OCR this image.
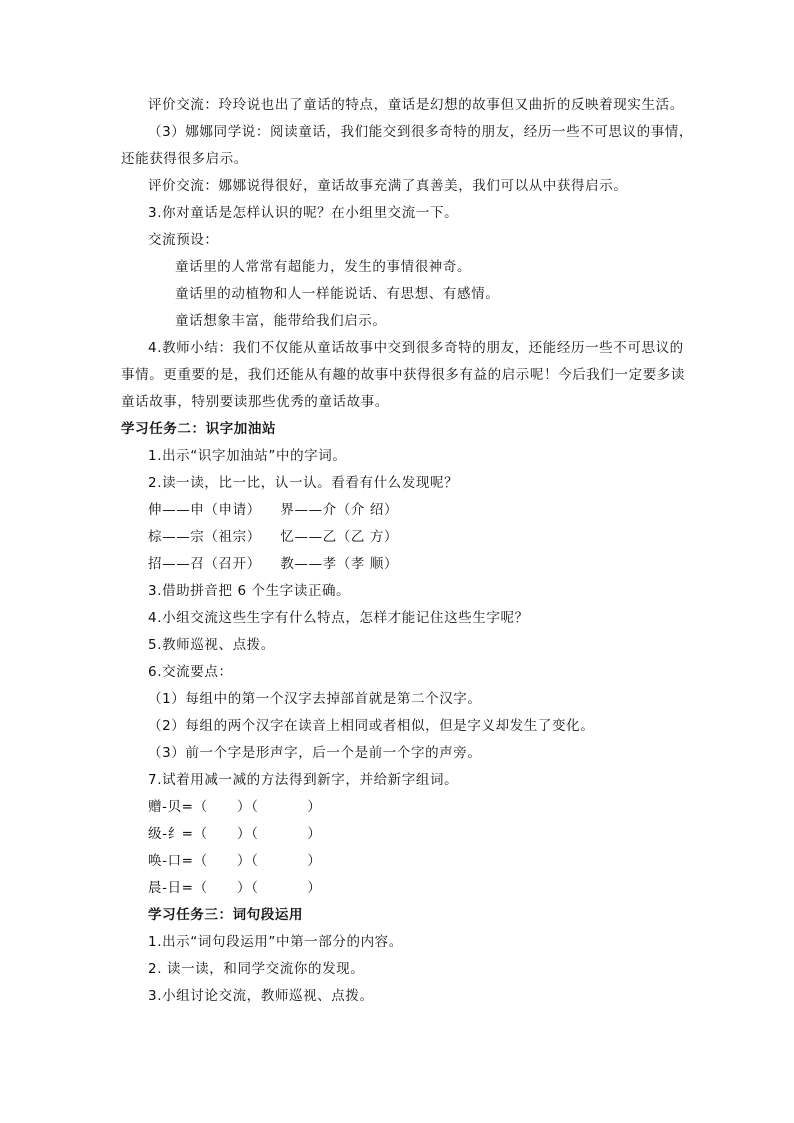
评价交流：玲玲说也出了童话的特点，童话是幻想的故事但又曲折的反映着现实生活。
（3）娜娜同学说：阅读童话，我们能交到很多奇特的朋友，经历一些不可思议的事情，
还能获得很多启示。
评价交流：娜娜说得很好，童话故事充满了真善美，我们可以从中获得启示。
3.你对童话是怎样认识的呢？在小组里交流一下。
交流预设：
童话里的人常常有超能力，发生的事情很神奇。
童话里的动植物和人一样能说话、有思想、有感情。
童话想象丰富，能带给我们启示。
4.教师小结：我们不仅能从童话故事中交到很多奇特的朋友，还能经历一些不可思议的
事情。更重要的是，我们还能从有趣的故事中获得很多有益的启示呢！今后我们一定要多读
童话故事，特别要读那些优秀的童话故事。
学习任务二：识字加油站
1.出示“识字加油站”中的字词。
2.读一读，比一比，认一认。看看有什么发现呢？
伸——申（申请）    界——介（介 绍）
棕——宗（祖宗）    忆——乙（乙 方）
招——召（召开）    教——孝（孝 顺）
3.借助拼音把 6 个生字读正确。
4.小组交流这些生字有什么特点，怎样才能记住这些生字呢？
5.教师巡视、点拨。
6.交流要点：
（1）每组中的第一个汉字去掉部首就是第二个汉字。
（2）每组的两个汉字在读音上相同或者相似，但是字义却发生了变化。
（3）前一个字是形声字，后一个是前一个字的声旁。
7.试着用减一减的方法得到新字，并给新字组词。
赠-贝=（      ）（          ）
级-纟=（      ）（          ）
唤-口=（      ）（          ）
晨-日=（      ）（          ）
学习任务三：词句段运用
1.出示“词句段运用”中第一部分的内容。
2. 读一读，和同学交流你的发现。
3.小组讨论交流，教师巡视、点拨。
